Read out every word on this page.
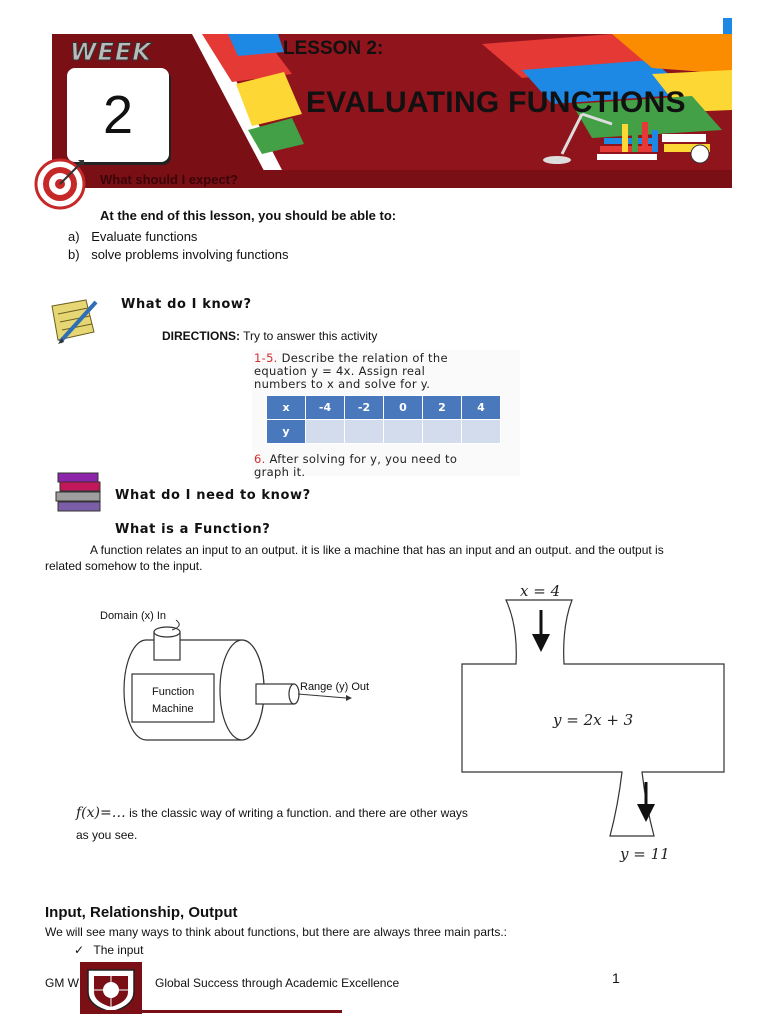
WEEK
2
LESSON 2:
EVALUATING FUNCTIONS
What should I expect?
At the end of this lesson, you should be able to:
a) Evaluate functions
b) solve problems involving functions
What do I know?
DIRECTIONS: Try to answer this activity
1-5. Describe the relation of the
equation y = 4x. Assign real
numbers to x and solve for y.
x	-4	-2	0	2	4
y					
6. After solving for y, you need to
graph it.
What do I need to know?
What is a Function?
A function relates an input to an output. it is like a machine that has an input and an output. and the output is
related somehow to the input.
Domain (x) In
Function
Machine
Range (y) Out
x = 4
y = 2x + 3
y = 11
f(x)=… is the classic way of writing a function. and there are other ways
as you see.
Input, Relationship, Output
We will see many ways to think about functions, but there are always three main parts.:
✓ The input
GM W	Global Success through Academic Excellence	1
